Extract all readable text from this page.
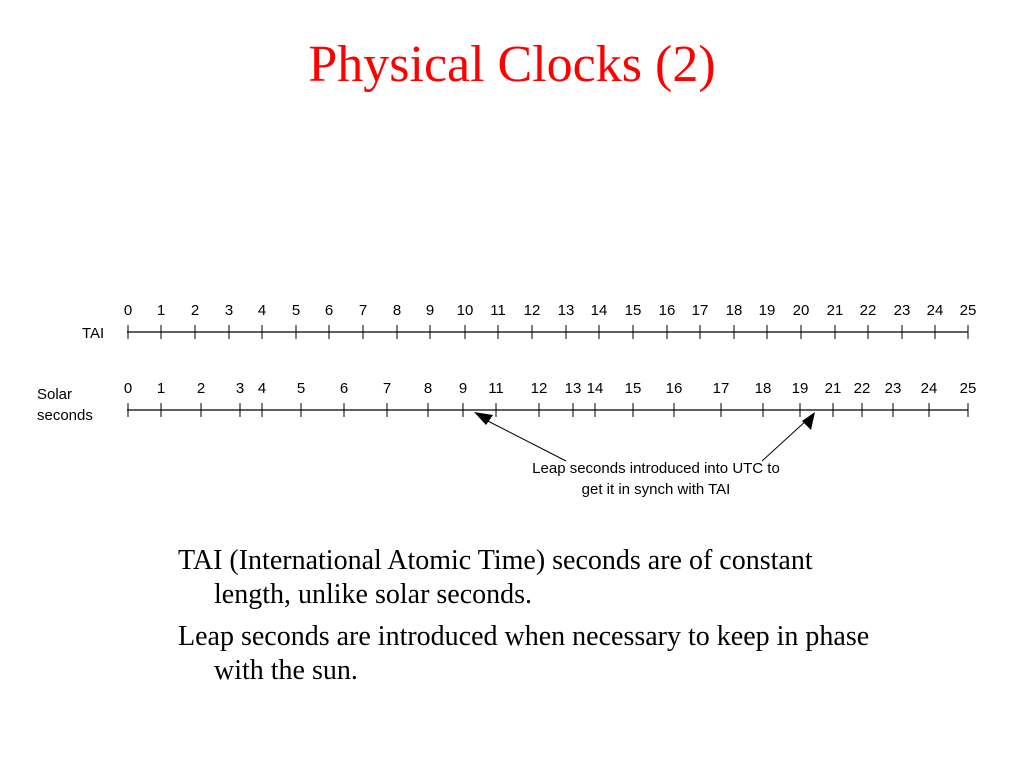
Physical Clocks (2)
TAI
Solar
seconds
0 1 2 3 4 5 6 7 8 9 10 11 12 13 14 15 16 17 18 19 20 21 22 23 24 25
0 1 2 3 4 5 6 7 8 9 11 12 13 14 15 16 17 18 19 21 22 23 24 25
Leap seconds introduced into UTC to
get it in synch with TAI

TAI (International Atomic Time) seconds are of constant length, unlike solar seconds.

Leap seconds are introduced when necessary to keep in phase with the sun.
